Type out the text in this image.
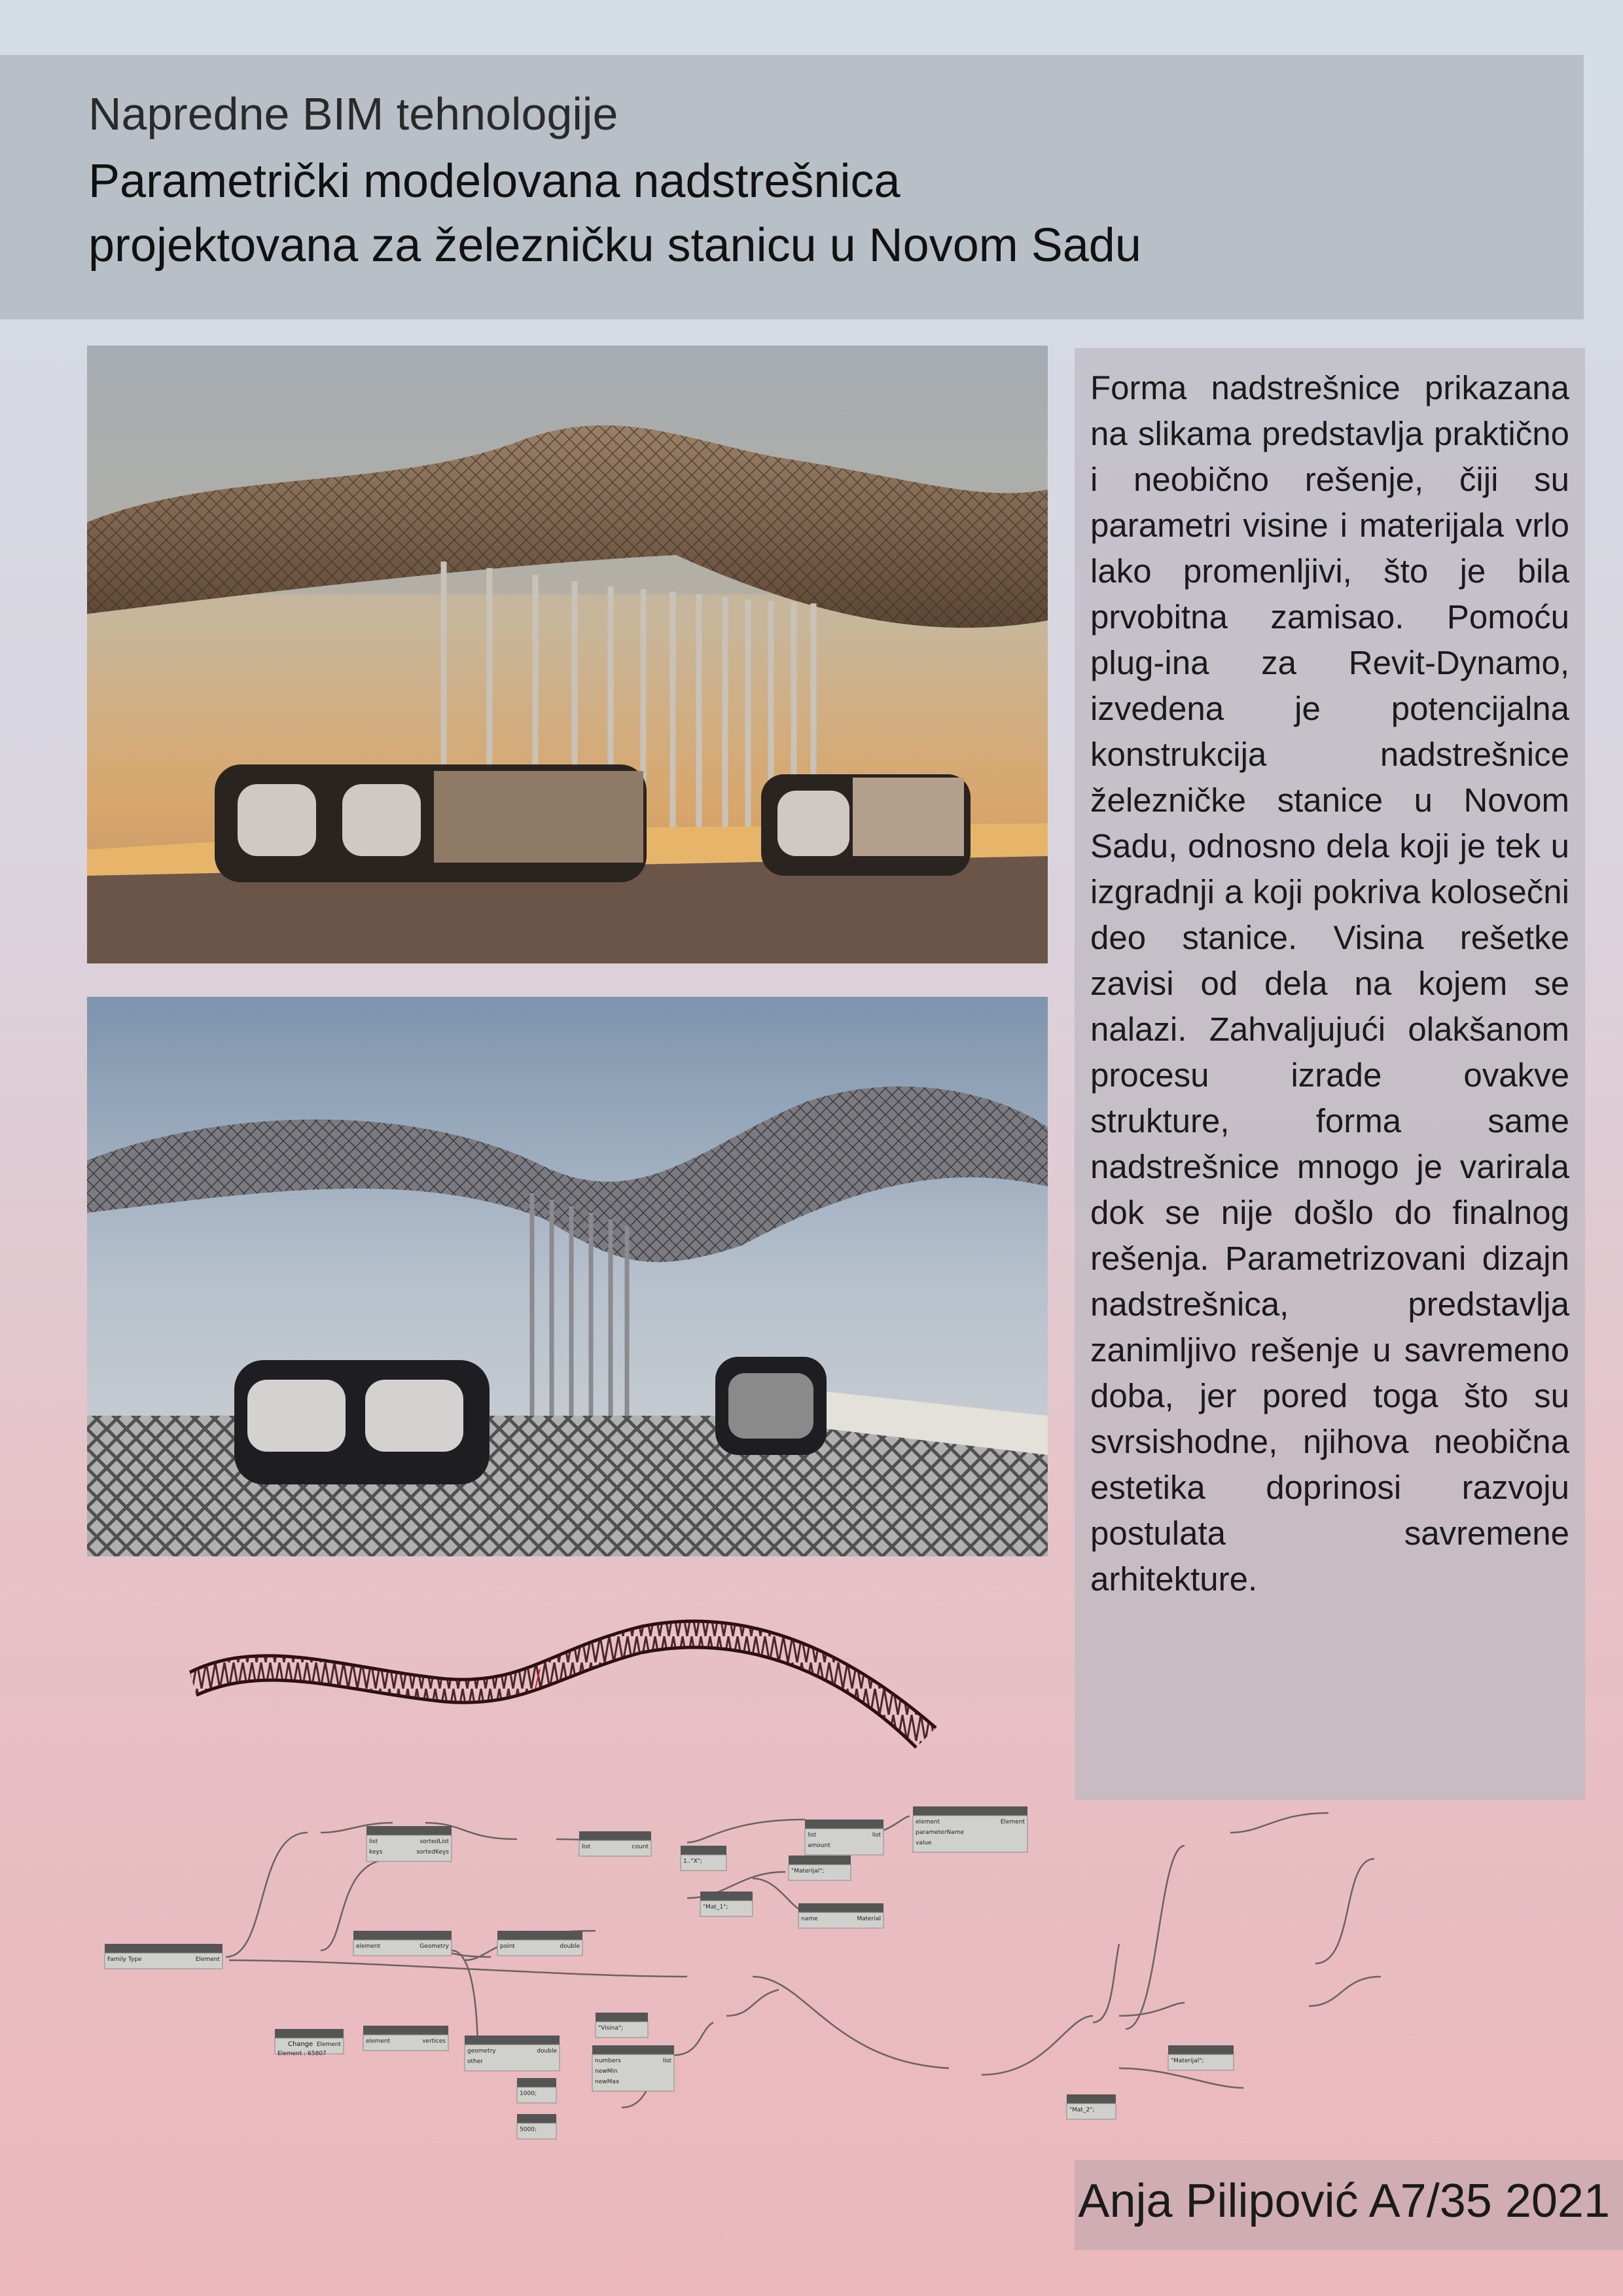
Napredne BIM tehnologije
Parametrički modelovana nadstrešnica
projektovana za železničku stanicu u Novom Sadu

Forma nadstrešnice prikazana na slikama predstavlja praktično i neobično rešenje, čiji su parametri visine i materijala vrlo lako promenljivi, što je bila prvobitna zamisao. Pomoću plug-ina za Revit-Dynamo, izvedena je potencijalna konstrukcija nadstrešnice železničke stanice u Novom Sadu, odnosno dela koji je tek u izgradnji a koji pokriva kolosečni deo stanice. Visina rešetke zavisi od dela na kojem se nalazi. Zahvaljujući olakšanom procesu izrade ovakve strukture, forma same nadstrešnice mnogo je varirala dok se nije došlo do finalnog rešenja. Parametrizovani dizajn nadstrešnica, predstavlja zanimljivo rešenje u savremeno doba, jer pored toga što su svrsishodne, njihova neobična estetika doprinosi razvoju postulata savremene arhitekture.

list
keys
sortedList
sortedKeys
list	count
list
amount
list
element
parameterName
value
Element
1.."X";
"Materijal";
"Mat_1";
name	Material
Family Type	Element
element	Geometry	point	double
Change
Element : 65807
Element	element	vertices
geometry
other
double
"Visina";
numbers
newMin
newMax
list
1000;
5000;
"Materijal";
"Mat_2";
Anja Pilipović A7/35 2021
